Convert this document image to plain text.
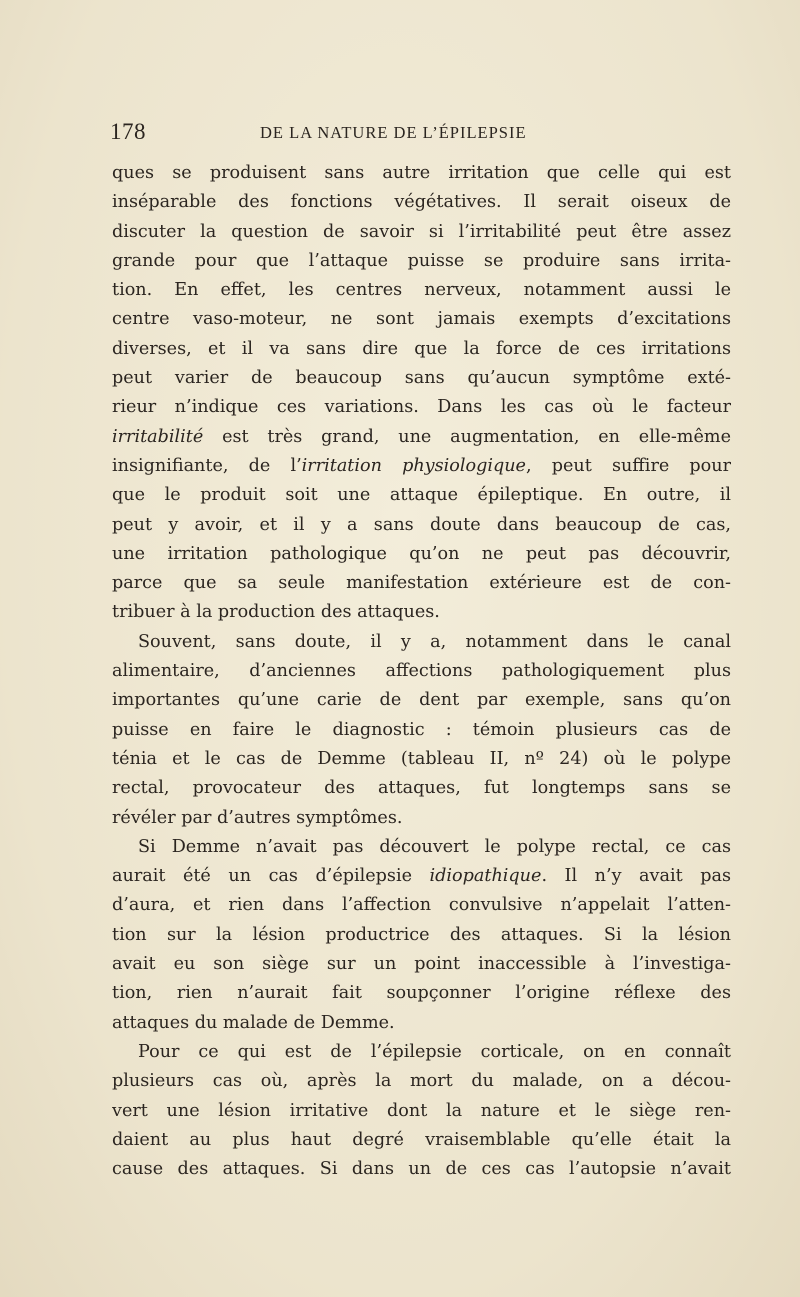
178	DE LA NATURE DE L’ÉPILEPSIE
ques se produisent sans autre irritation que celle qui est
inséparable des fonctions végétatives. Il serait oiseux de
discuter la question de savoir si l’irritabilité peut être assez
grande pour que l’attaque puisse se produire sans irrita-
tion. En effet, les centres nerveux, notamment aussi le
centre vaso-moteur, ne sont jamais exempts d’excitations
diverses, et il va sans dire que la force de ces irritations
peut varier de beaucoup sans qu’aucun symptôme exté-
rieur n’indique ces variations. Dans les cas où le facteur
irritabilité est très grand, une augmentation, en elle-même
insignifiante, de l’irritation physiologique, peut suffire pour
que le produit soit une attaque épileptique. En outre, il
peut y avoir, et il y a sans doute dans beaucoup de cas,
une irritation pathologique qu’on ne peut pas découvrir,
parce que sa seule manifestation extérieure est de con-
tribuer à la production des attaques.
Souvent, sans doute, il y a, notamment dans le canal
alimentaire, d’anciennes affections pathologiquement plus
importantes qu’une carie de dent par exemple, sans qu’on
puisse en faire le diagnostic : témoin plusieurs cas de
ténia et le cas de Demme (tableau II, nº 24) où le polype
rectal, provocateur des attaques, fut longtemps sans se
révéler par d’autres symptômes.
Si Demme n’avait pas découvert le polype rectal, ce cas
aurait été un cas d’épilepsie idiopathique. Il n’y avait pas
d’aura, et rien dans l’affection convulsive n’appelait l’atten-
tion sur la lésion productrice des attaques. Si la lésion
avait eu son siège sur un point inaccessible à l’investiga-
tion, rien n’aurait fait soupçonner l’origine réflexe des
attaques du malade de Demme.
Pour ce qui est de l’épilepsie corticale, on en connaît
plusieurs cas où, après la mort du malade, on a décou-
vert une lésion irritative dont la nature et le siège ren-
daient au plus haut degré vraisemblable qu’elle était la
cause des attaques. Si dans un de ces cas l’autopsie n’avait
